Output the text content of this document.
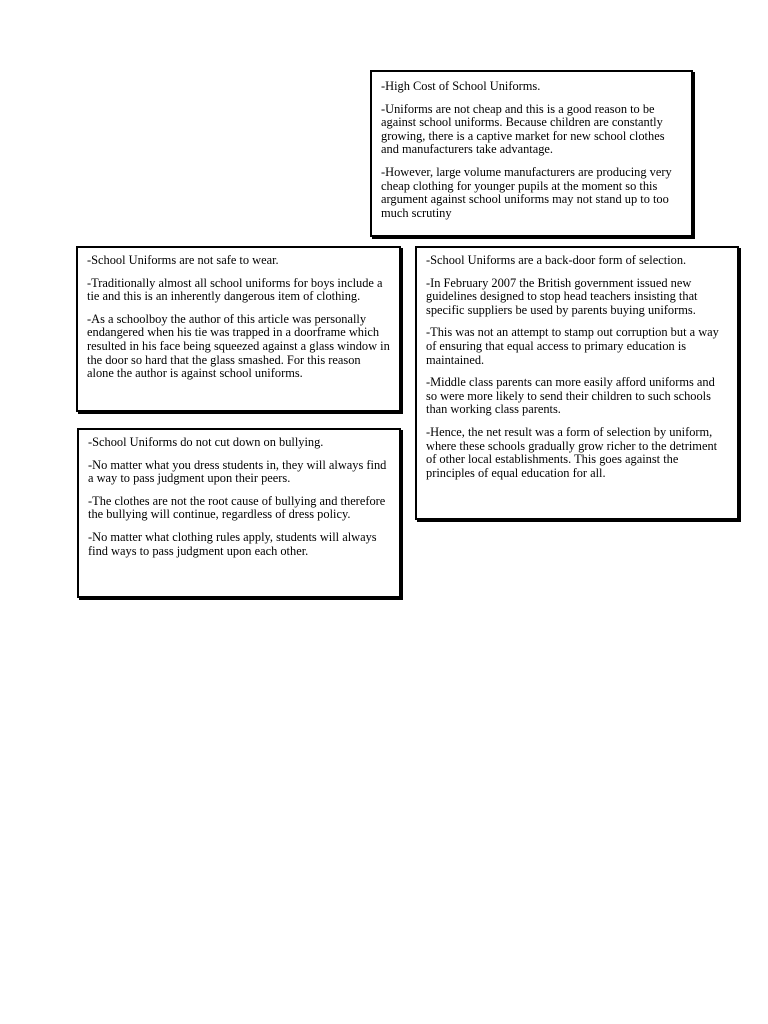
-High Cost of School Uniforms.

-Uniforms are not cheap and this is a good reason to be against school uniforms. Because children are constantly growing, there is a captive market for new school clothes and manufacturers take advantage.

-However, large volume manufacturers are producing very cheap clothing for younger pupils at the moment so this argument against school uniforms may not stand up to too much scrutiny

-School Uniforms are not safe to wear.

-Traditionally almost all school uniforms for boys include a tie and this is an inherently dangerous item of clothing.

-As a schoolboy the author of this article was personally endangered when his tie was trapped in a doorframe which resulted in his face being squeezed against a glass window in the door so hard that the glass smashed. For this reason alone the author is against school uniforms.

-School Uniforms are a back-door form of selection.

-In February 2007 the British government issued new guidelines designed to stop head teachers insisting that specific suppliers be used by parents buying uniforms.

-This was not an attempt to stamp out corruption but a way of ensuring that equal access to primary education is maintained.

-Middle class parents can more easily afford uniforms and so were more likely to send their children to such schools than working class parents.

-Hence, the net result was a form of selection by uniform, where these schools gradually grow richer to the detriment of other local establishments. This goes against the principles of equal education for all.

-School Uniforms do not cut down on bullying.

-No matter what you dress students in, they will always find a way to pass judgment upon their peers.

-The clothes are not the root cause of bullying and therefore the bullying will continue, regardless of dress policy.

-No matter what clothing rules apply, students will always find ways to pass judgment upon each other.
